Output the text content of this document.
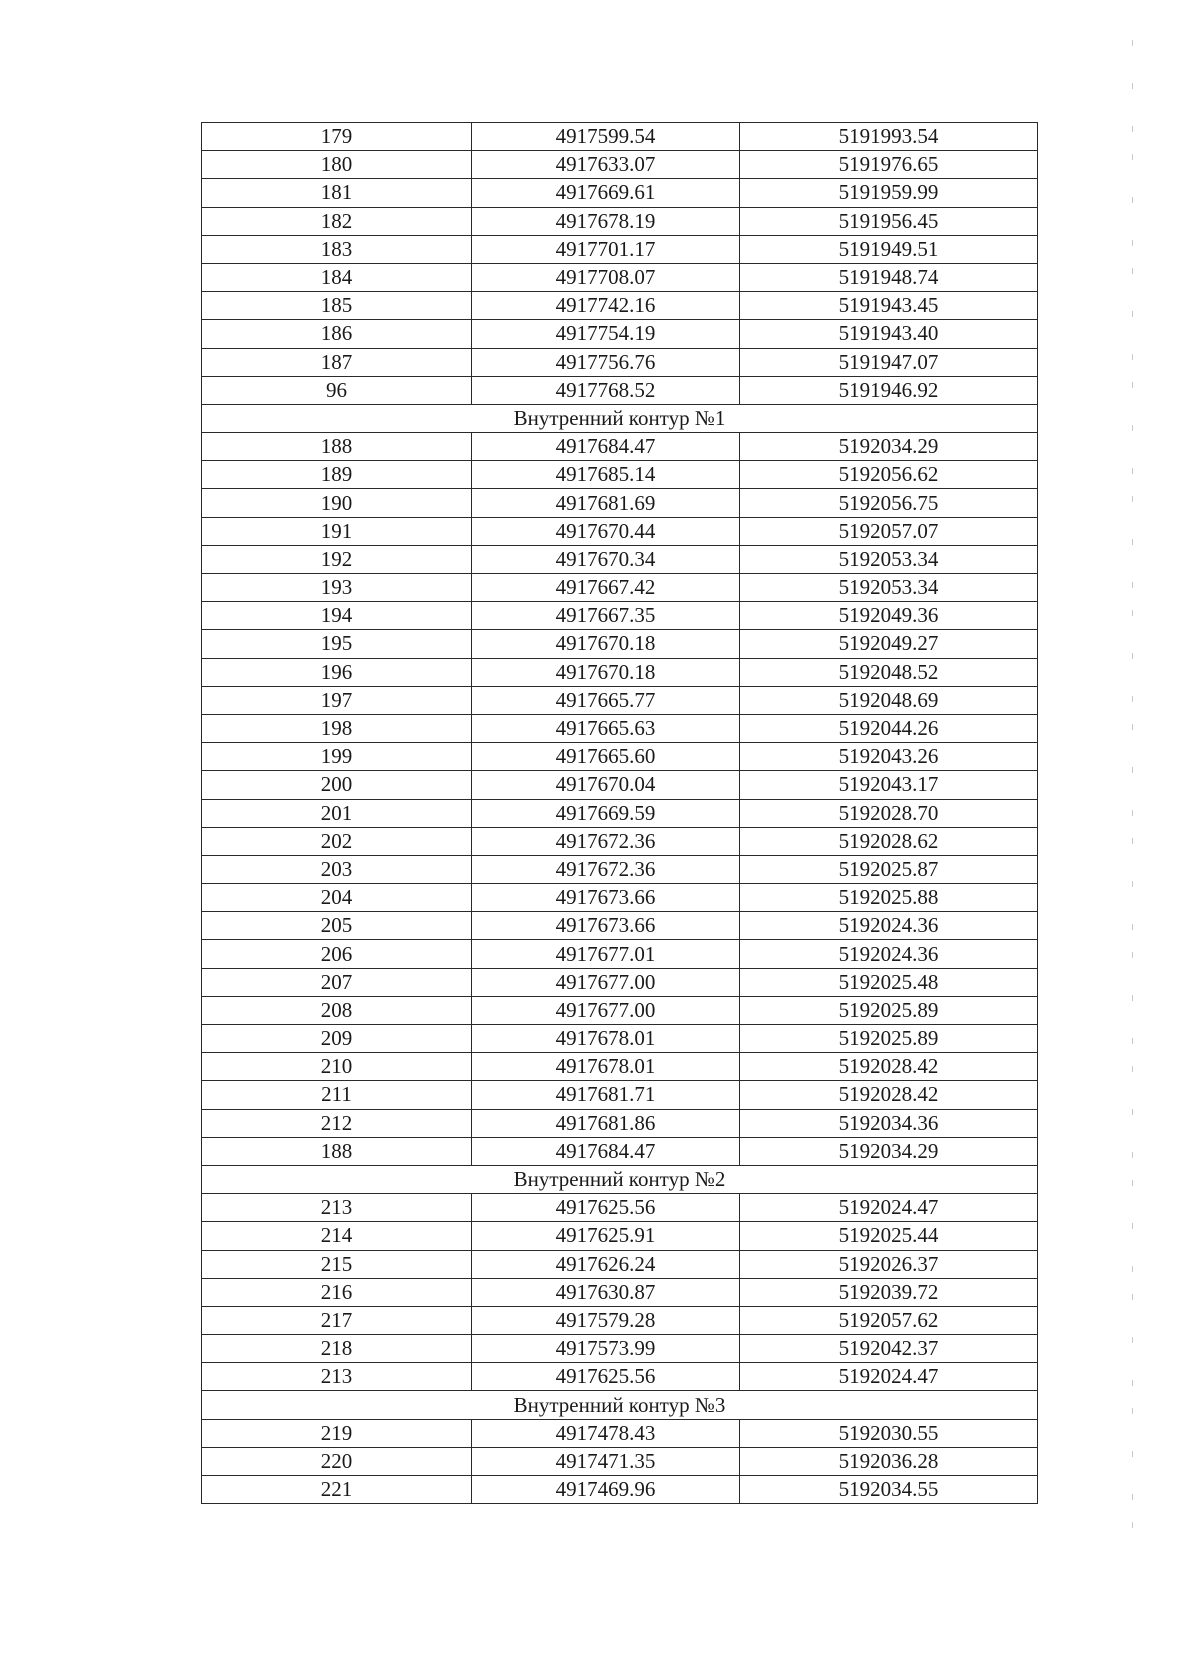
179	4917599.54	5191993.54
180	4917633.07	5191976.65
181	4917669.61	5191959.99
182	4917678.19	5191956.45
183	4917701.17	5191949.51
184	4917708.07	5191948.74
185	4917742.16	5191943.45
186	4917754.19	5191943.40
187	4917756.76	5191947.07
96	4917768.52	5191946.92
Внутренний контур №1		
188	4917684.47	5192034.29
189	4917685.14	5192056.62
190	4917681.69	5192056.75
191	4917670.44	5192057.07
192	4917670.34	5192053.34
193	4917667.42	5192053.34
194	4917667.35	5192049.36
195	4917670.18	5192049.27
196	4917670.18	5192048.52
197	4917665.77	5192048.69
198	4917665.63	5192044.26
199	4917665.60	5192043.26
200	4917670.04	5192043.17
201	4917669.59	5192028.70
202	4917672.36	5192028.62
203	4917672.36	5192025.87
204	4917673.66	5192025.88
205	4917673.66	5192024.36
206	4917677.01	5192024.36
207	4917677.00	5192025.48
208	4917677.00	5192025.89
209	4917678.01	5192025.89
210	4917678.01	5192028.42
211	4917681.71	5192028.42
212	4917681.86	5192034.36
188	4917684.47	5192034.29
Внутренний контур №2		
213	4917625.56	5192024.47
214	4917625.91	5192025.44
215	4917626.24	5192026.37
216	4917630.87	5192039.72
217	4917579.28	5192057.62
218	4917573.99	5192042.37
213	4917625.56	5192024.47
Внутренний контур №3		
219	4917478.43	5192030.55
220	4917471.35	5192036.28
221	4917469.96	5192034.55
